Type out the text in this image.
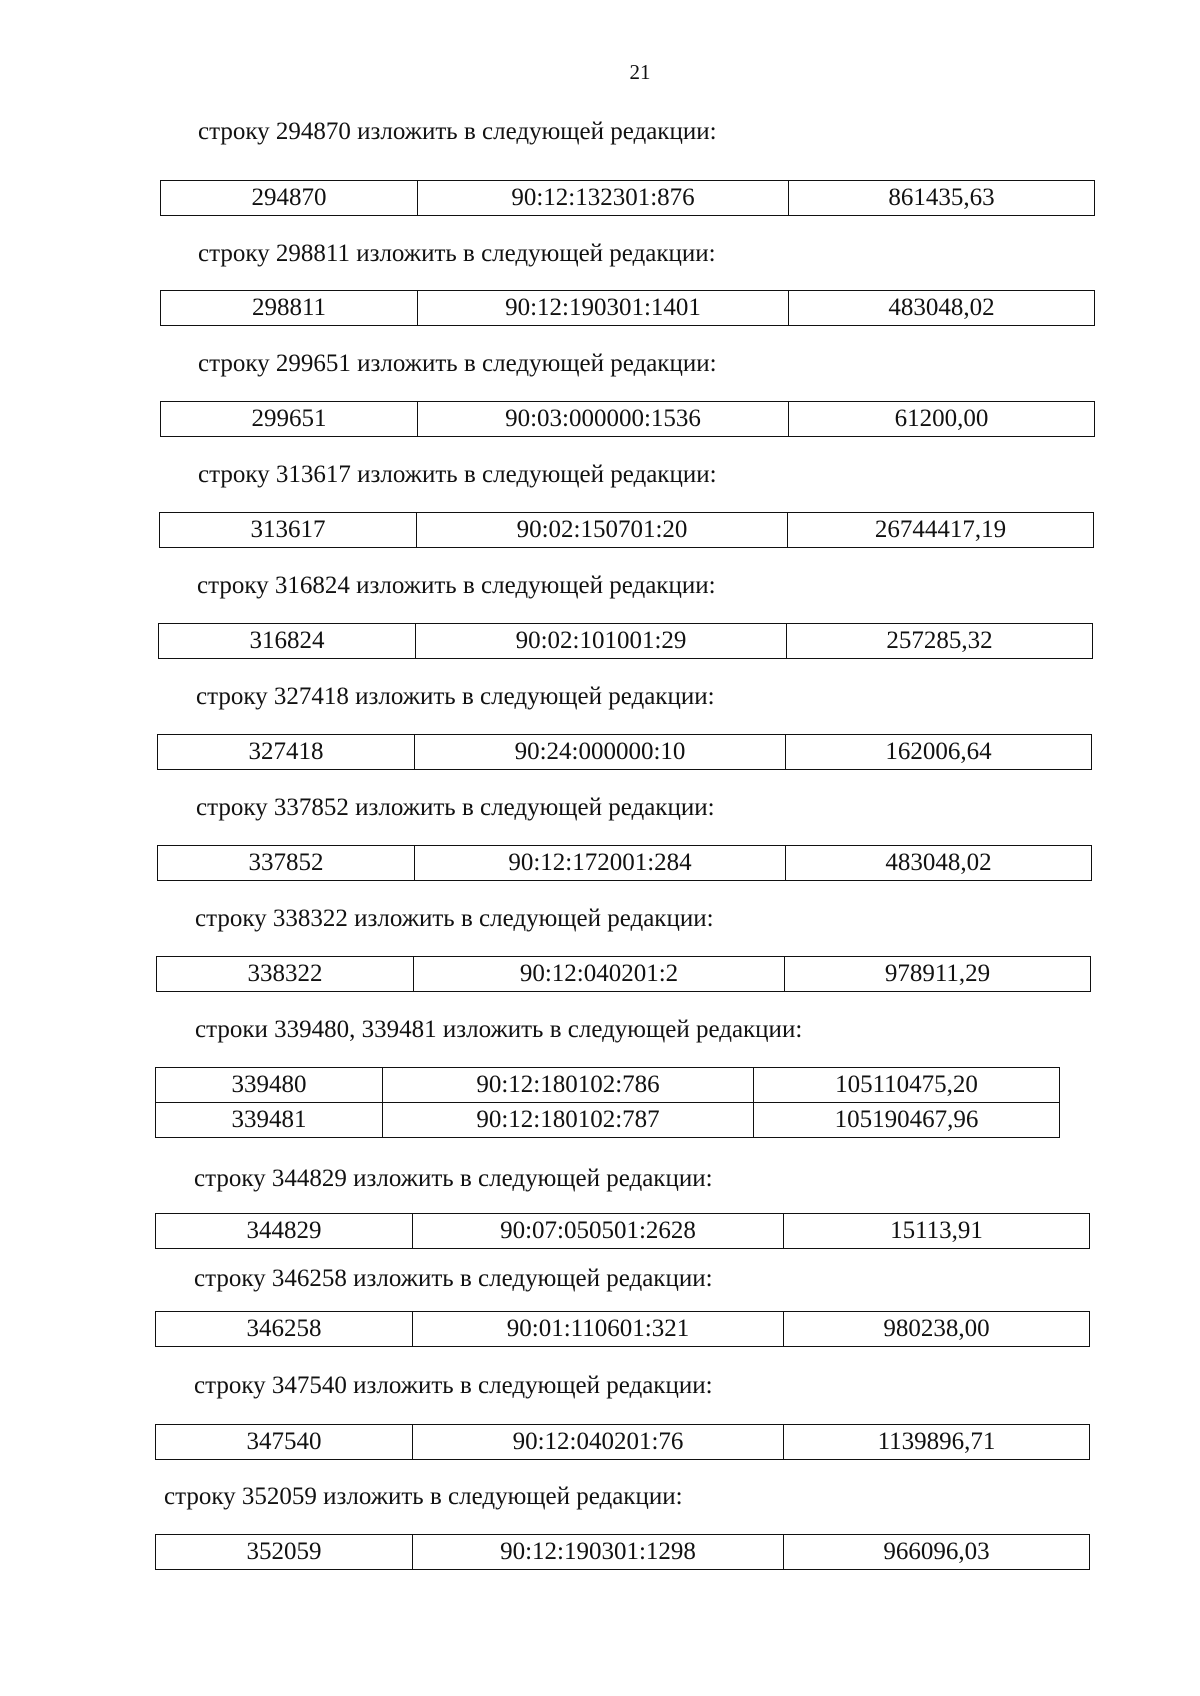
21
строку 294870 изложить в следующей редакции:
294870	90:12:132301:876	861435,63
строку 298811 изложить в следующей редакции:
298811	90:12:190301:1401	483048,02
строку 299651 изложить в следующей редакции:
299651	90:03:000000:1536	61200,00
строку 313617 изложить в следующей редакции:
313617	90:02:150701:20	26744417,19
строку 316824 изложить в следующей редакции:
316824	90:02:101001:29	257285,32
строку 327418 изложить в следующей редакции:
327418	90:24:000000:10	162006,64
строку 337852 изложить в следующей редакции:
337852	90:12:172001:284	483048,02
строку 338322 изложить в следующей редакции:
338322	90:12:040201:2	978911,29
строки 339480, 339481 изложить в следующей редакции:
339480	90:12:180102:786	105110475,20
339481	90:12:180102:787	105190467,96
строку 344829 изложить в следующей редакции:
344829	90:07:050501:2628	15113,91
строку 346258 изложить в следующей редакции:
346258	90:01:110601:321	980238,00
строку 347540 изложить в следующей редакции:
347540	90:12:040201:76	1139896,71
строку 352059 изложить в следующей редакции:
352059	90:12:190301:1298	966096,03
